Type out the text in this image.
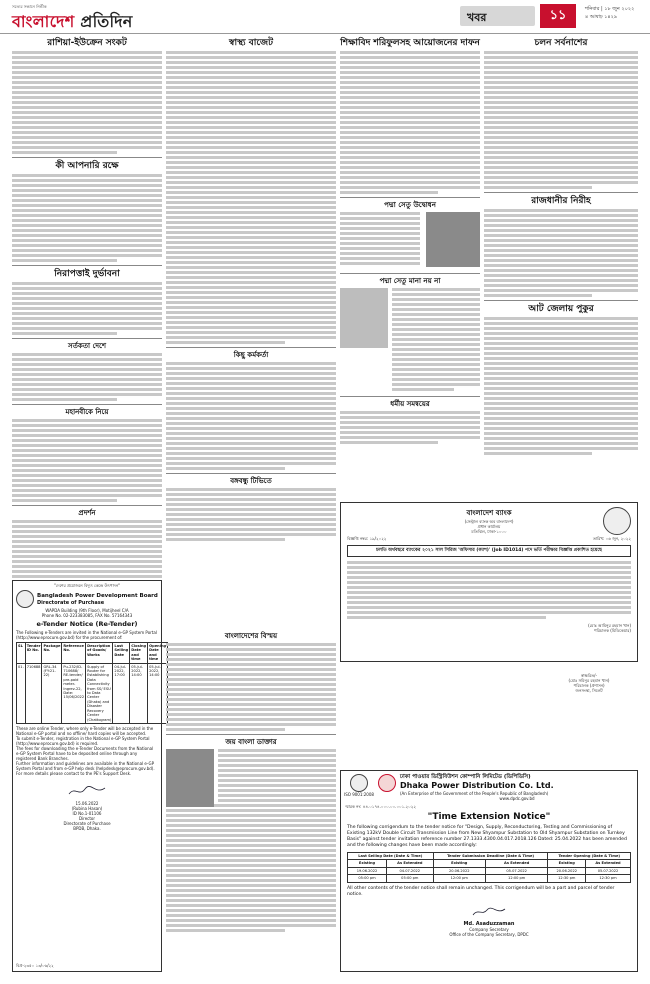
সত্যের সন্ধানে নির্ভীক
বাংলাদেশ প্রতিদিন	খবর	১১	শনিবার | ১৮ জুন ২০২২
৪ আষাঢ় ১৪২৯
রাশিয়া-ইউক্রেন সংকট
কী আপনারি রক্ষে
নিরাপত্তাই দুর্ভাবনা
সর্তকতা দেশে
মহানবীকে নিয়ে
প্রদর্শন
স্বাস্থ্য বাজেট
কিছু কর্মকর্তা
বঙ্গবন্ধু টিভিতে
শিক্ষাবিদ শরিফুলসহ আয়োজনের দাফন
পদ্মা সেতু উদ্বোধন
পদ্মা সেতু মানা নয় না
ধর্মীয় সমন্বয়ের
চলন সর্বনাশের
রাজধানীর নিরীহ
আট জেলায় পুকুর
বাংলাদেশ ব্যাংক
(সেন্ট্রাল ব্যাংক অব বাংলাদেশ)
প্রধান কার্যালয়
মতিঝিল, ঢাকা-১০০০
বিজ্ঞপ্তি নম্বর: ১৯/২০২২	তারিখ: ০৬ জুন, ২০২২
চলতি অর্থবছরে ব্যাংকের ২০২১ সাল সিরিজ 'অফিসার (ক্যাশ)' (Job ID1014) পদে ভর্তি পরীক্ষার বিজ্ঞপ্তি প্রকাশিত হয়েছে
(মোঃ আমিনুর রহমান খান)
পরিচালক (মিডিকেয়ার)
স্বাক্ষরিত/-
(মোঃ সমিনুর রহমান খান)
পরিচালক (প্রশাসন)
জনসংস্থা, সিলেট
"দেশের প্রয়োজনে বিদ্যুৎ কেন্দ্রে উৎপাদন"
Bangladesh Power Development Board
Directorate of Purchase
WAPDA Building (9th Floor), Motijheel C/A
Phone No. 02-223383085, FAX No. 57164343
e-Tender Notice (Re-Tender)
The Following e-Tenders are invited in the National e-GP System Portal (http://www.eprocure.gov.bd) for the procurement of:
SL	Tender ID No.	Package No.	Reference No.	Description of Goods/ Works	Last Selling Date	Closing Date and time	Opening Date and time
01.	710688	GRL-34 (FY:21-22)	Pu-232/ID-710688/ RE-tender/ pre-paid meter-Ingrev-22, Date: 15/06/2022	Supply of Router for Establishing Data Connectivity from SS/ ESU to Data Center (Dhaka) and Disaster Recovery Center (Chattogram)	04-Jul-2022, 17:00	05-Jul-2022, 14:00	05-Jul-2022, 14:00
These are online Tender, where only e-Tender will be accepted in the National e-GP portal and no offline/ hard copies will be accepted.
To submit e-Tender, registration in the National e-GP System Portal (http://www.eprocure.gov.bd) is required.
The fees for downloading the e-Tender Documents from the National e-GP System Portal have to be deposited online through any registered Bank Branches.
Further information and guidelines are available in the National e-GP System Portal and from e-GP help desk (helpdesk@eprocure.gov.bd).
For more details please contact to the PE's Support Desk.
15.06.2022
(Rubina Hasan)
ID No.1-01106
Director
Directorate of Purchase
BPDB, Dhaka.
বিপ্র-২৩৫০ ১৩/০৬/২২
ISO 9001:2008
ঢাকা পাওয়ার ডিস্ট্রিবিউশন কোম্পানি লিমিটেড (ডিপিডিসি)
Dhaka Power Distribution Co. Ltd.
(An Enterprise of the Government of the People's Republic of Bangladesh)
www.dpdc.gov.bd
স্মারক নং: ৪৪.০১৭৪.০০০.০০.০০১.২০২২
"Time Extension Notice"
The following corrigendum to the tender notice for "Design, Supply, Reconductoring, Testing and Commissioning of Existing 132kV Double Circuit Transmission Line from New Shyampur Substation to Old Shyampur Substation on Turnkey Basis" against tender invitation reference number 27.1333.4300.04.017.2018.126 Dated: 25.04.2022 has been amended and the following changes have been made accordingly:
Last Selling Date (Date & Time)		Tender Submission Deadline (Date & Time)		Tender Opening (Date & Time)	
Existing	As Extended	Existing	As Extended	Existing	As Extended
19.06.2022	04.07.2022	20.06.2022	05.07.2022	20.06.2022	05.07.2022
05:00 pm	05:00 pm	12:00 pm	12:00 pm	12:30 pm	12:30 pm
All other contents of the tender notice shall remain unchanged. This corrigendum will be a part and parcel of tender notice.
Md. Asaduzzaman
Company Secretary
Office of the Company Secretary, DPDC
বাংলাদেশের বিস্ময়
জয় বাংলা ডাক্তার
